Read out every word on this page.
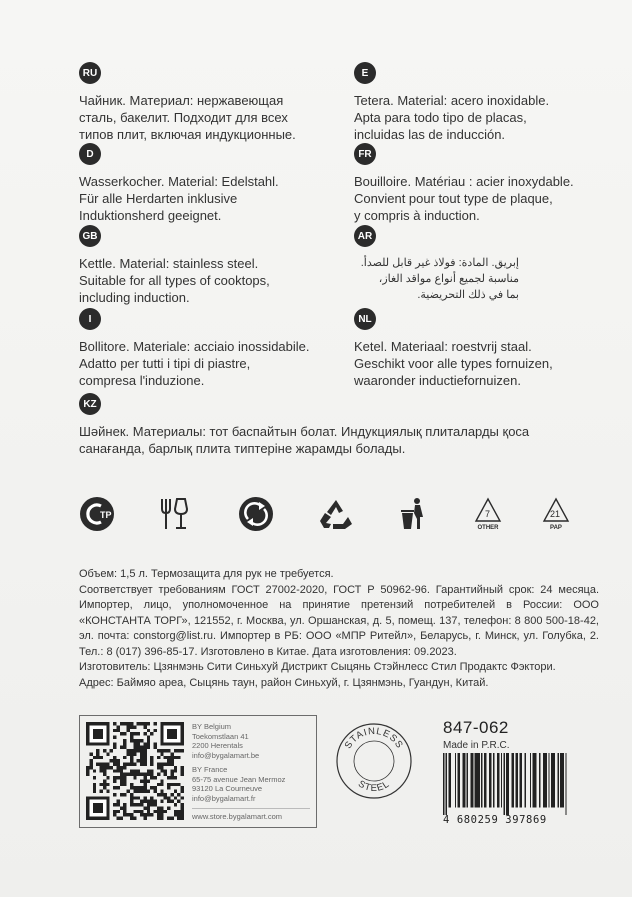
RU
Чайник. Материал: нержавеющая
сталь, бакелит. Подходит для всех
типов плит, включая индукционные.
E
Tetera. Material: acero inoxidable.
Apta para todo tipo de placas,
incluidas las de inducción.
D
Wasserkocher. Material: Edelstahl.
Für alle Herdarten inklusive
Induktionsherd geeignet.
FR
Bouilloire. Matériau : acier inoxydable.
Convient pour tout type de plaque,
y compris à induction.
GB
Kettle. Material: stainless steel.
Suitable for all types of cooktops,
including induction.
AR
إبريق. المادة: فولاذ غير قابل للصدأ.
مناسبة لجميع أنواع مواقد الغاز،
بما في ذلك التحريضية.
I
Bollitore. Materiale: acciaio inossidabile.
Adatto per tutti i tipi di piastre,
compresa l'induzione.
NL
Ketel. Materiaal: roestvrij staal.
Geschikt voor alle types fornuizen,
waaronder inductiefornuizen.
KZ
Шәйнек. Материалы: тот баспайтын болат. Индукциялық плиталарды қоса
санағанда, барлық плита типтеріне жарамды болады.
ТР	7
OTHER
21
PAP

Объем: 1,5 л. Термозащита для рук не требуется.

Соответствует требованиям ГОСТ 27002-2020, ГОСТ Р 50962-96. Гарантийный срок: 24 месяца. Импортер, лицо, уполномоченное на принятие претензий потребителей в России: ООО «КОНСТАНТА ТОРГ», 121552, г. Москва, ул. Оршанская, д. 5, помещ. 137, телефон: 8 800 500-18-42, эл. почта: constorg@list.ru. Импортер в РБ: ООО «МПР Ритейл», Беларусь, г. Минск, ул. Голубка, 2. Тел.: 8 (017) 396-85-17. Изготовлено в Китае. Дата изготовления: 09.2023.

Изготовитель: Цзянмэнь Сити Синьхуй Дистрикт Сыцянь Стэйнлесс Стил Продактс Фэктори.

Адрес: Баймяо ареа, Сыцянь таун, район Синьхуй, г. Цзянмэнь, Гуандун, Китай.

BY Belgium
Toekomstlaan 41
2200 Herentals
info@bygalamart.be
BY France
65-75 avenue Jean Mermoz
93120 La Courneuve
info@bygalamart.fr
www.store.bygalamart.com
STAINLESS
STEEL
847-062
Made in P.R.C.
4 680259 397869
